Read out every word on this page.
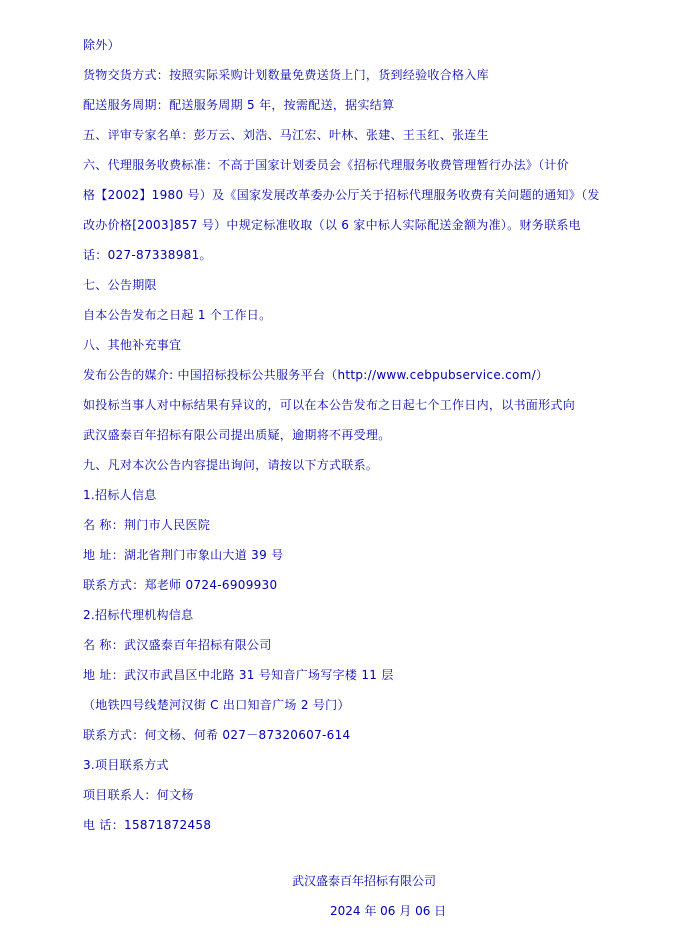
除外）
货物交货方式：按照实际采购计划数量免费送货上门，货到经验收合格入库
配送服务周期：配送服务周期 5 年，按需配送，据实结算
五、评审专家名单：彭万云、刘浩、马江宏、叶林、张建、王玉红、张连生
六、代理服务收费标准：不高于国家计划委员会《招标代理服务收费管理暂行办法》（计价
格【2002】1980 号）及《国家发展改革委办公厅关于招标代理服务收费有关问题的通知》（发
改办价格[2003]857 号）中规定标准收取（以 6 家中标人实际配送金额为准）。财务联系电
话：027-87338981。
七、公告期限
自本公告发布之日起 1 个工作日。
八、其他补充事宜
发布公告的媒介: 中国招标投标公共服务平台（http://www.cebpubservice.com/）
如投标当事人对中标结果有异议的，可以在本公告发布之日起七个工作日内，以书面形式向
武汉盛泰百年招标有限公司提出质疑，逾期将不再受理。
九、凡对本次公告内容提出询问，请按以下方式联系。
1.招标人信息
名 称：荆门市人民医院
地 址：湖北省荆门市象山大道 39 号
联系方式：郑老师 0724-6909930
2.招标代理机构信息
名 称：武汉盛泰百年招标有限公司
地 址：武汉市武昌区中北路 31 号知音广场写字楼 11 层
（地铁四号线楚河汉街 C 出口知音广场 2 号门）
联系方式：何文杨、何希 027－87320607-614
3.项目联系方式
项目联系人：何文杨
电 话：15871872458
武汉盛泰百年招标有限公司
2024 年 06 月 06 日
